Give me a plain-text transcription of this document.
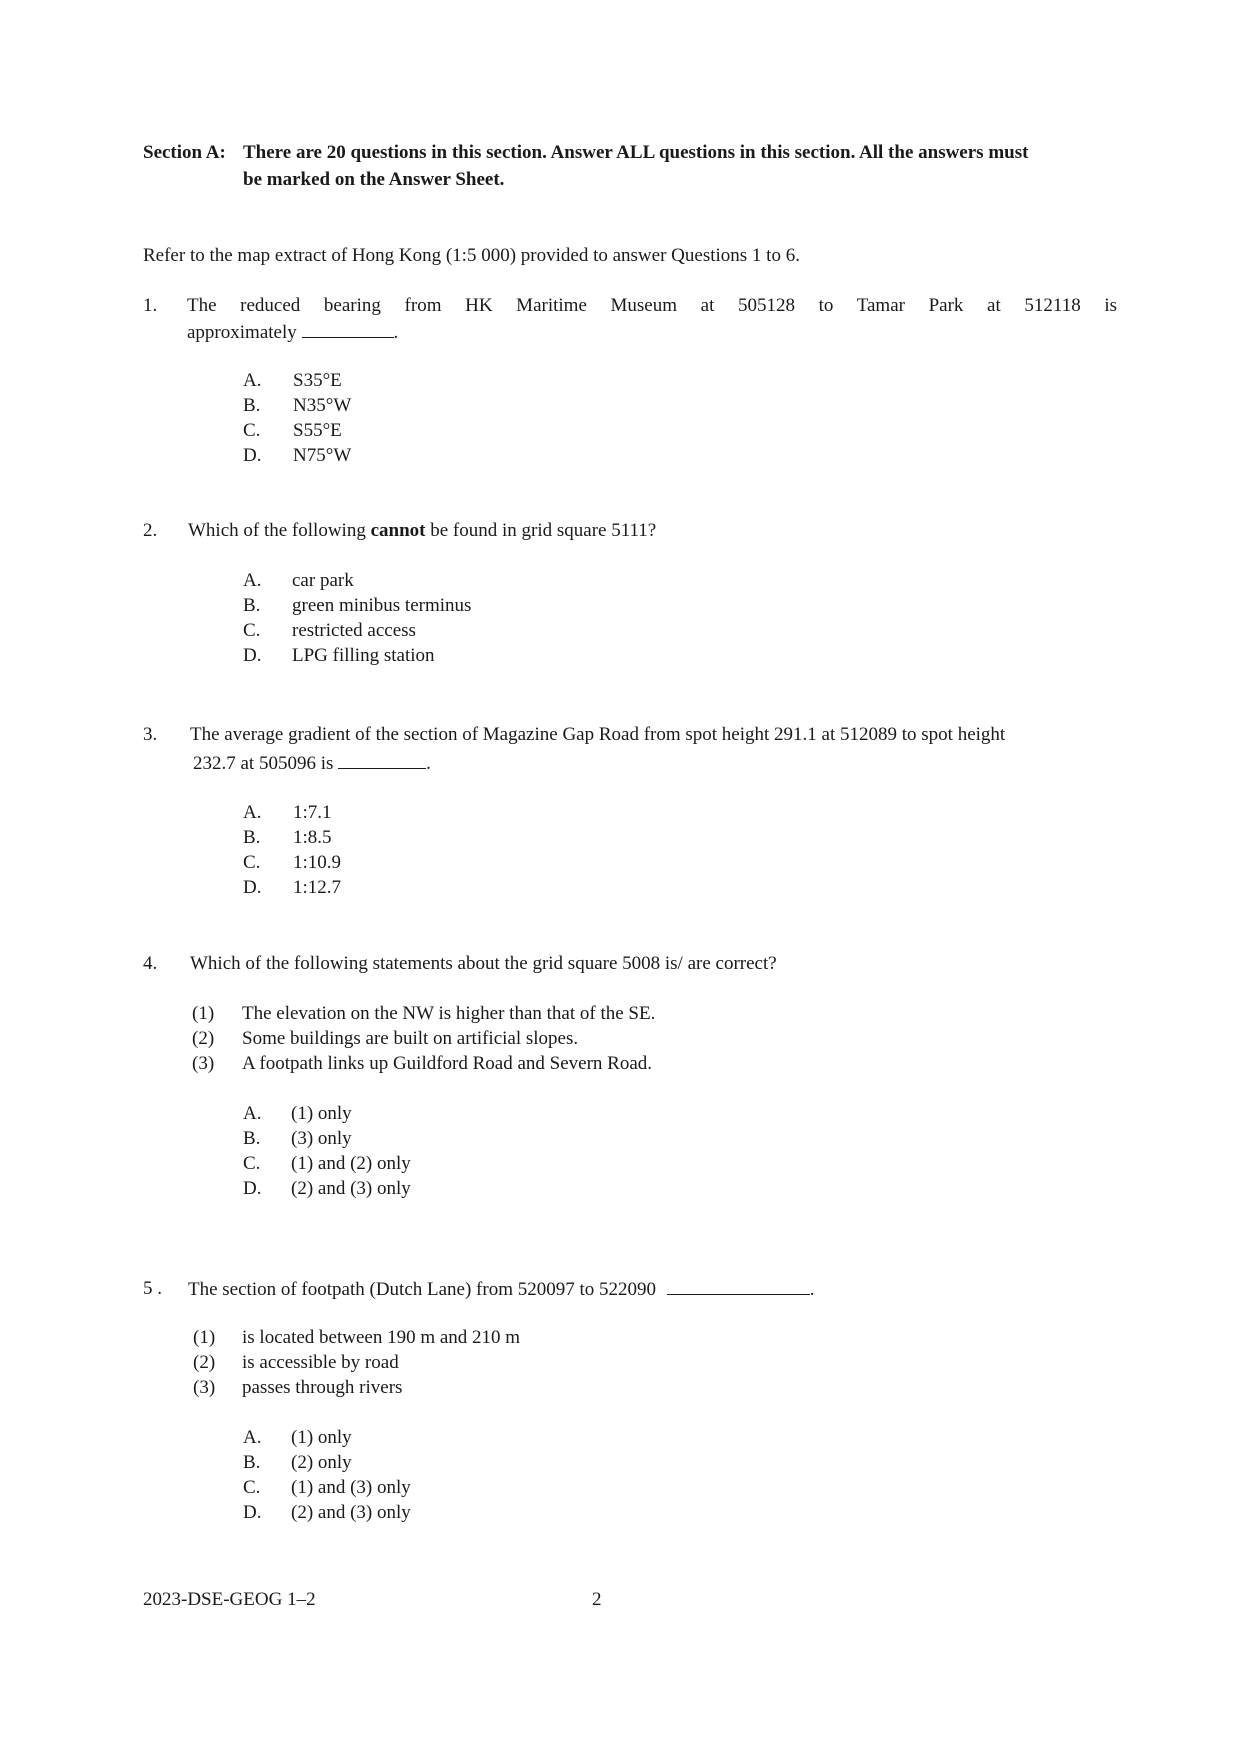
Section A: There are 20 questions in this section. Answer ALL questions in this section. All the answers must
be marked on the Answer Sheet.
Refer to the map extract of Hong Kong (1:5 000) provided to answer Questions 1 to 6.
1. The reduced bearing from HK Maritime Museum at 505128 to Tamar Park at 512118 is
approximately	.
A. S35°E
B. N35°W
C. S55°E
D. N75°W
2. Which of the following cannot be found in grid square 5111?
A. car park
B. green minibus terminus
C. restricted access
D. LPG filling station
3. The average gradient of the section of Magazine Gap Road from spot height 291.1 at 512089 to spot height
232.7 at 505096 is	.
A. 1:7.1
B. 1:8.5
C. 1:10.9
D. 1:12.7
4. Which of the following statements about the grid square 5008 is/ are correct?
(1) The elevation on the NW is higher than that of the SE.
(2) Some buildings are built on artificial slopes.
(3) A footpath links up Guildford Road and Severn Road.
A. (1) only
B. (3) only
C. (1) and (2) only
D. (2) and (3) only
5 . The section of footpath (Dutch Lane) from 520097 to 522090	.
(1) is located between 190 m and 210 m
(2) is accessible by road
(3) passes through rivers
A. (1) only
B. (2) only
C. (1) and (3) only
D. (2) and (3) only
2023-DSE-GEOG 1–2	2
